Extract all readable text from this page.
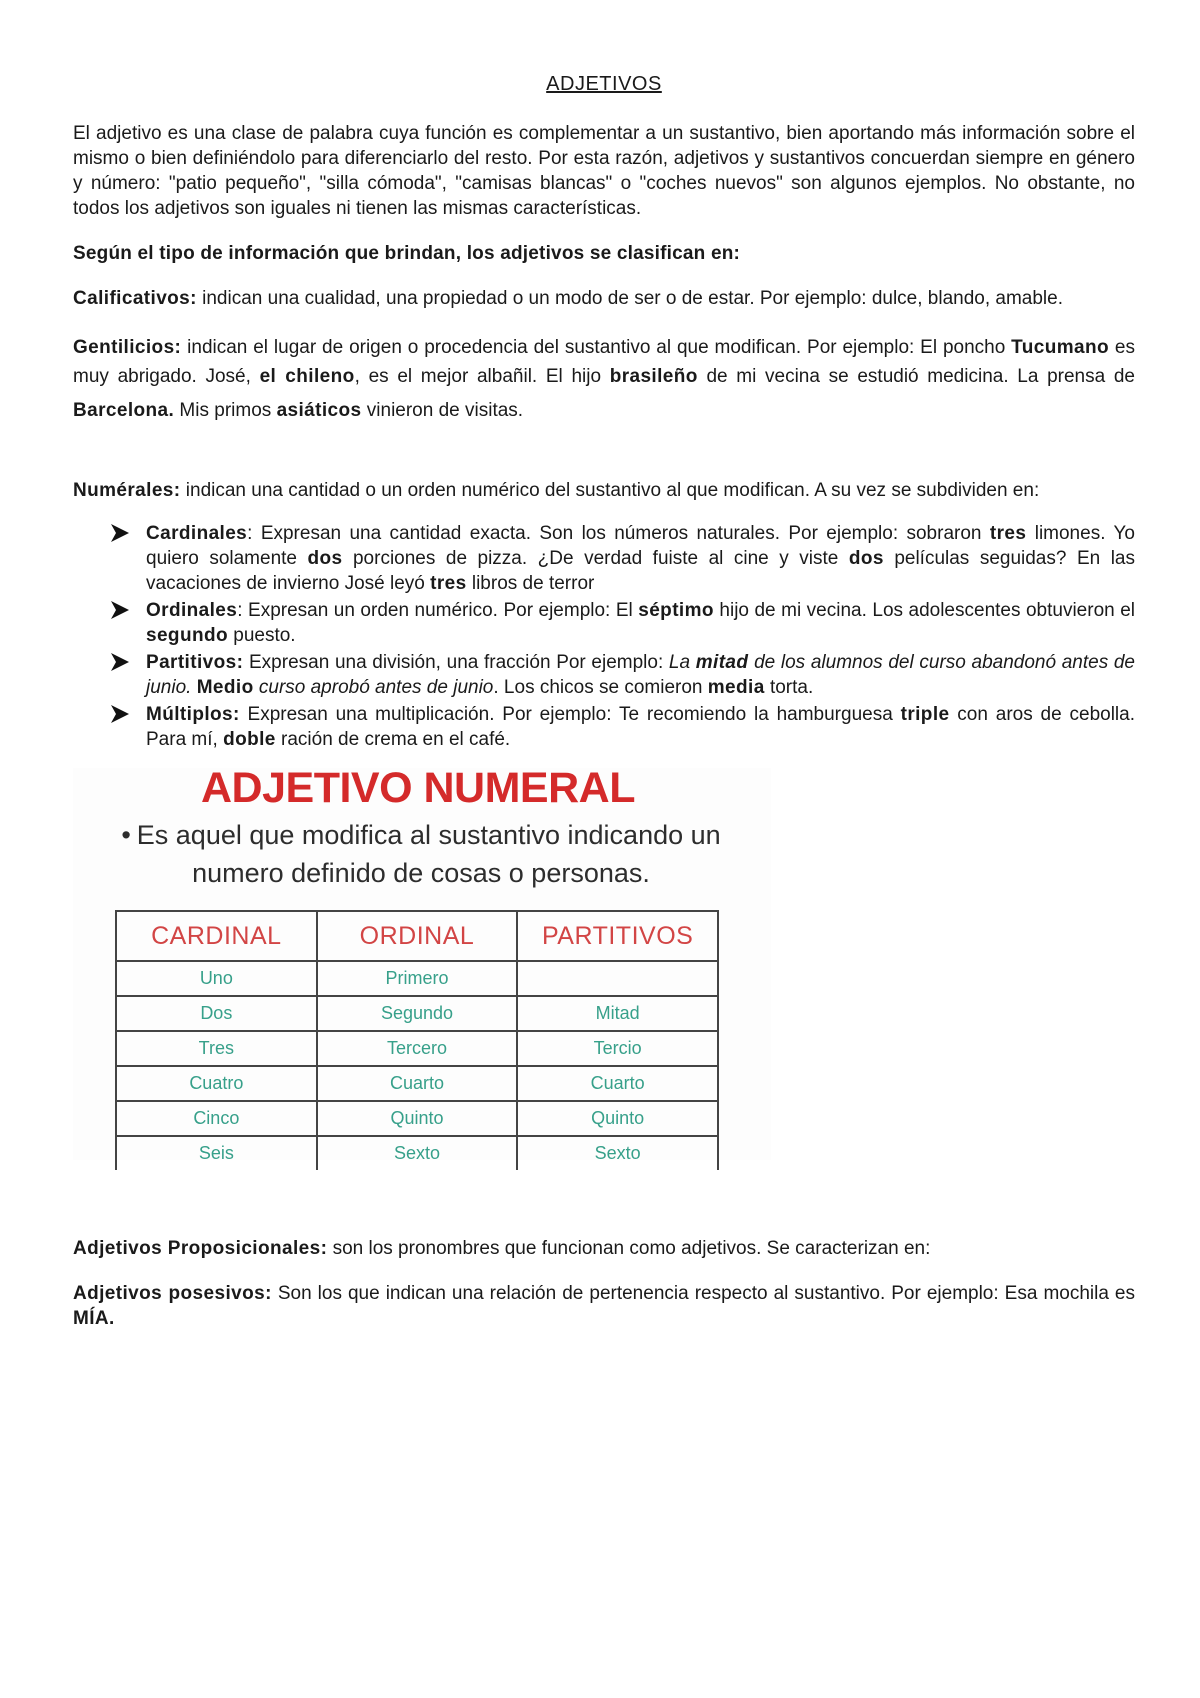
ADJETIVOS

El adjetivo es una clase de palabra cuya función es complementar a un sustantivo, bien aportando más información sobre el mismo o bien definiéndolo para diferenciarlo del resto. Por esta razón, adjetivos y sustantivos concuerdan siempre en género y número: "patio pequeño", "silla cómoda", "camisas blancas" o "coches nuevos" son algunos ejemplos. No obstante, no todos los adjetivos son iguales ni tienen las mismas características.

Según el tipo de información que brindan, los adjetivos se clasifican en:

Calificativos: indican una cualidad, una propiedad o un modo de ser o de estar. Por ejemplo: dulce, blando, amable.

Gentilicios: indican el lugar de origen o procedencia del sustantivo al que modifican. Por ejemplo: El poncho Tucumano es muy abrigado. José, el chileno, es el mejor albañil. El hijo brasileño de mi vecina se estudió medicina. La prensa de Barcelona. Mis primos asiáticos vinieron de visitas.

Numérales: indican una cantidad o un orden numérico del sustantivo al que modifican. A su vez se subdividen en:

Cardinales: Expresan una cantidad exacta. Son los números naturales. Por ejemplo: sobraron tres limones. Yo quiero solamente dos porciones de pizza. ¿De verdad fuiste al cine y viste dos películas seguidas? En las vacaciones de invierno José leyó tres libros de terror
Ordinales: Expresan un orden numérico. Por ejemplo: El séptimo hijo de mi vecina. Los adolescentes obtuvieron el segundo puesto.
Partitivos: Expresan una división, una fracción Por ejemplo: La mitad de los alumnos del curso abandonó antes de junio. Medio curso aprobó antes de junio. Los chicos se comieron media torta.
Múltiplos: Expresan una multiplicación. Por ejemplo: Te recomiendo la hamburguesa triple con aros de cebolla. Para mí, doble ración de crema en el café.
ADJETIVO NUMERAL
• Es aquel que modifica al sustantivo indicando un numero definido de cosas o personas.
CARDINAL	ORDINAL	PARTITIVOS
Uno	Primero	
Dos	Segundo	Mitad
Tres	Tercero	Tercio
Cuatro	Cuarto	Cuarto
Cinco	Quinto	Quinto
Seis	Sexto	Sexto

Adjetivos Proposicionales: son los pronombres que funcionan como adjetivos. Se caracterizan en:

Adjetivos posesivos: Son los que indican una relación de pertenencia respecto al sustantivo. Por ejemplo: Esa mochila es MÍA.
